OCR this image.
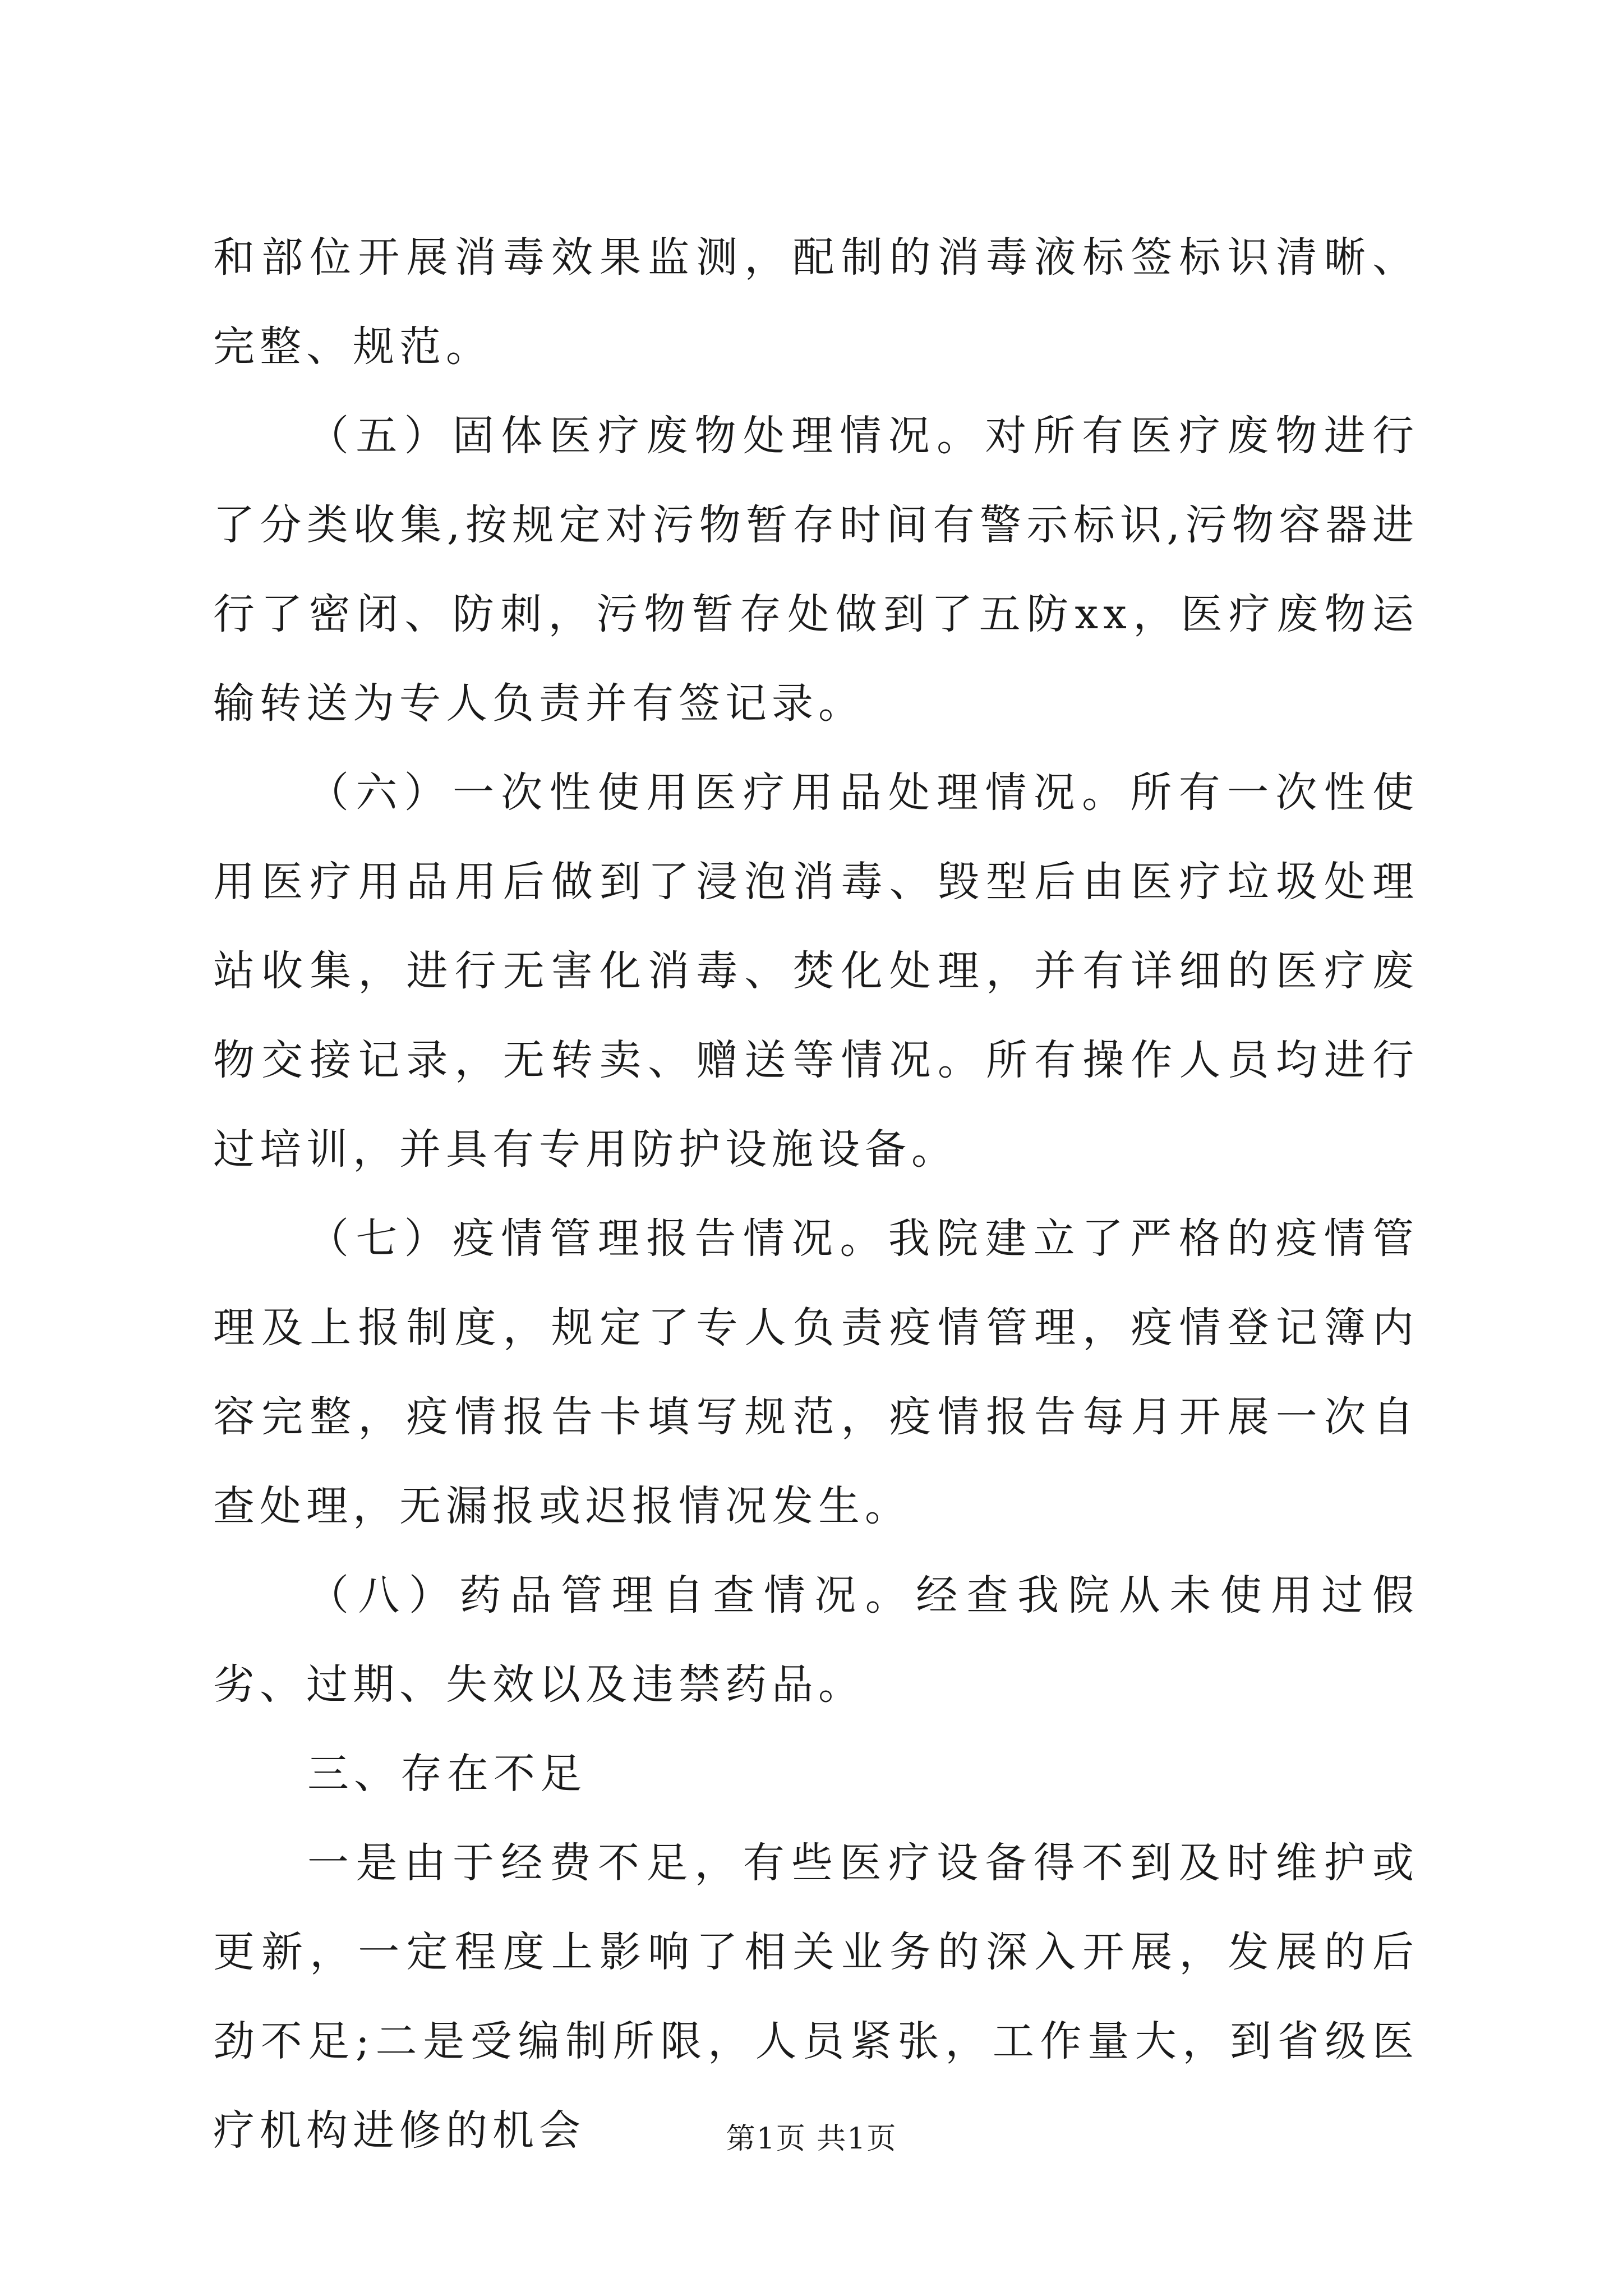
和部位开展消毒效果监测，配制的消毒液标签标识清晰、完整、规范。

（五）固体医疗废物处理情况。对所有医疗废物进行了分类收集,按规定对污物暂存时间有警示标识,污物容器进行了密闭、防刺，污物暂存处做到了五防xx，医疗废物运输转送为专人负责并有签记录。

（六）一次性使用医疗用品处理情况。所有一次性使用医疗用品用后做到了浸泡消毒、毁型后由医疗垃圾处理站收集，进行无害化消毒、焚化处理，并有详细的医疗废物交接记录，无转卖、赠送等情况。所有操作人员均进行过培训，并具有专用防护设施设备。

（七）疫情管理报告情况。我院建立了严格的疫情管理及上报制度，规定了专人负责疫情管理，疫情登记簿内容完整，疫情报告卡填写规范，疫情报告每月开展一次自查处理，无漏报或迟报情况发生。

（八）药品管理自查情况。经查我院从未使用过假劣、过期、失效以及违禁药品。

三、存在不足

一是由于经费不足，有些医疗设备得不到及时维护或更新，一定程度上影响了相关业务的深入开展，发展的后劲不足;二是受编制所限，人员紧张，工作量大，到省级医疗机构进修的机会	第1页 共1页
